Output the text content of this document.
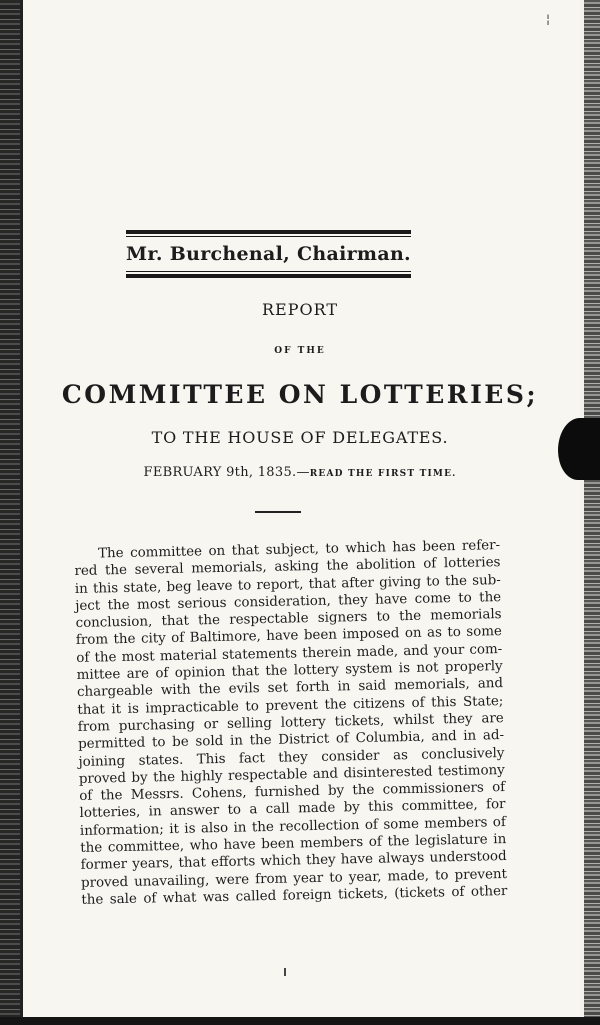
¦
Mr. Burchenal, Chairman.
REPORT
OF THE
COMMITTEE ON LOTTERIES;
TO THE HOUSE OF DELEGATES.
FEBRUARY 9th, 1835.—READ THE FIRST TIME.
The committee on that subject, to which has been refer-
red the several memorials, asking the abolition of lotteries
in this state, beg leave to report, that after giving to the sub-
ject the most serious consideration, they have come to the
conclusion, that the respectable signers to the memorials
from the city of Baltimore, have been imposed on as to some
of the most material statements therein made, and your com-
mittee are of opinion that the lottery system is not properly
chargeable with the evils set forth in said memorials, and
that it is impracticable to prevent the citizens of this State;
from purchasing or selling lottery tickets, whilst they are
permitted to be sold in the District of Columbia, and in ad-
joining states. This fact they consider as conclusively
proved by the highly respectable and disinterested testimony
of the Messrs. Cohens, furnished by the commissioners of
lotteries, in answer to a call made by this committee, for
information; it is also in the recollection of some members of
the committee, who have been members of the legislature in
former years, that efforts which they have always understood
proved unavailing, were from year to year, made, to prevent
the sale of what was called foreign tickets, (tickets of other
